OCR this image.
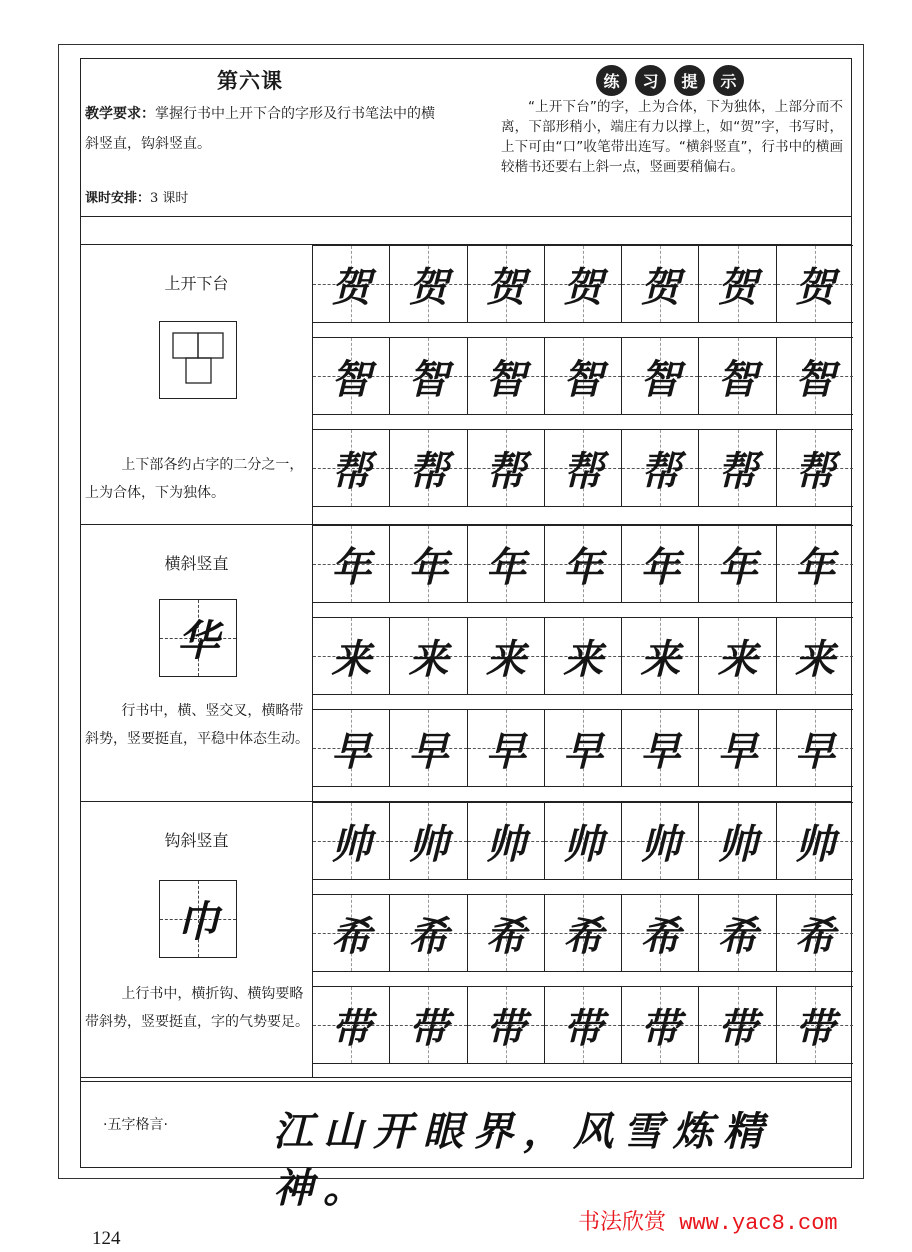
第六课
教学要求：掌握行书中上开下合的字形及行书笔法中的横斜竖直，钩斜竖直。
课时安排：3 课时
练	习	提	示
“上开下台”的字，上为合体，下为独体，上部分而不离，下部形稍小，端庄有力以撑上，如“贺”字，书写时，上下可由“口”收笔带出连写。“横斜竖直”，行书中的横画较楷书还要右上斜一点，竖画要稍偏右。
上开下台
上下部各约占字的二分之一，上为合体，下为独体。
贺 贺 贺 贺 贺 贺 贺
智 智 智 智 智 智 智
帮 帮 帮 帮 帮 帮 帮
横斜竖直
华
行书中，横、竖交叉，横略带斜势，竖要挺直，平稳中体态生动。
年 年 年 年 年 年 年
来 来 来 来 来 来 来
早 早 早 早 早 早 早
钩斜竖直
巾
上行书中，横折钩、横钩要略带斜势，竖要挺直，字的气势要足。
帅 帅 帅 帅 帅 帅 帅
希 希 希 希 希 希 希
带 带 带 带 带 带 带
·五字格言·	江山开眼界，风雪炼精神。
124
书法欣赏 www.yac8.com
